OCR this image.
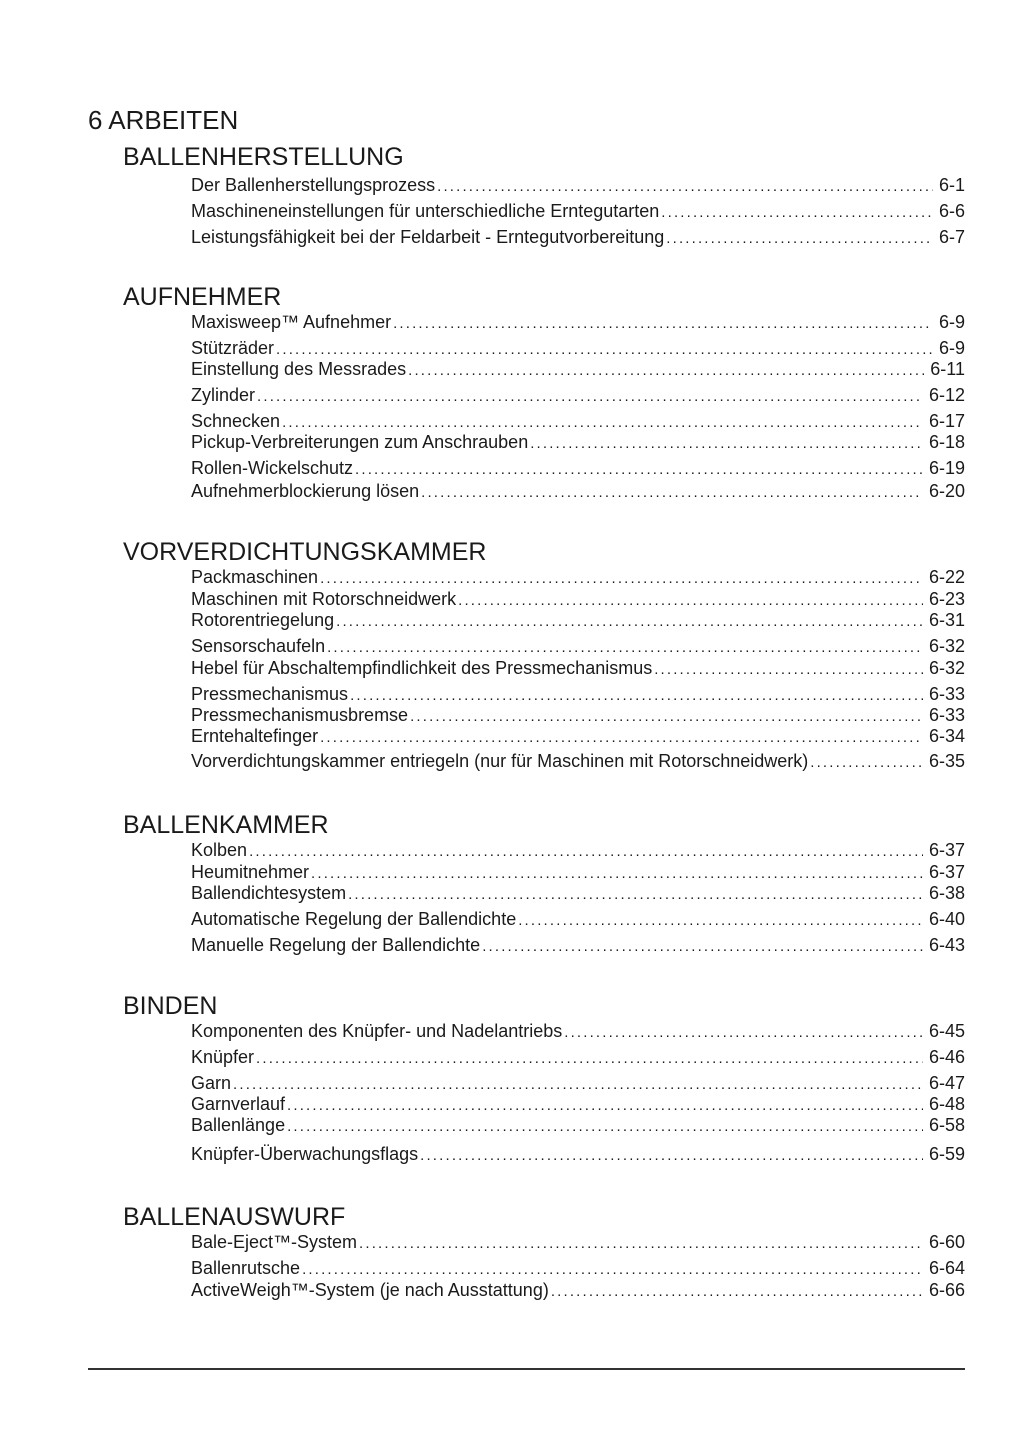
6 ARBEITEN
BALLENHERSTELLUNG
Der Ballenherstellungsprozess . . .	6-1
Maschineneinstellungen für unterschiedliche Erntegutarten . . .	6-6
Leistungsfähigkeit bei der Feldarbeit - Erntegutvorbereitung . . .	6-7
AUFNEHMER
Maxisweep™ Aufnehmer . . .	6-9
Stützräder . . .	6-9
Einstellung des Messrades . . .	6-11
Zylinder . . .	6-12
Schnecken . . .	6-17
Pickup-Verbreiterungen zum Anschrauben . . .	6-18
Rollen-Wickelschutz . . .	6-19
Aufnehmerblockierung lösen . . .	6-20
VORVERDICHTUNGSKAMMER
Packmaschinen . . .	6-22
Maschinen mit Rotorschneidwerk . . .	6-23
Rotorentriegelung . . .	6-31
Sensorschaufeln . . .	6-32
Hebel für Abschaltempfindlichkeit des Pressmechanismus . . .	6-32
Pressmechanismus . . .	6-33
Pressmechanismusbremse . . .	6-33
Erntehaltefinger . . .	6-34
Vorverdichtungskammer entriegeln (nur für Maschinen mit Rotorschneidwerk) . . .	6-35
BALLENKAMMER
Kolben . . .	6-37
Heumitnehmer . . .	6-37
Ballendichtesystem . . .	6-38
Automatische Regelung der Ballendichte . . .	6-40
Manuelle Regelung der Ballendichte . . .	6-43
BINDEN
Komponenten des Knüpfer- und Nadelantriebs . . .	6-45
Knüpfer . . .	6-46
Garn . . .	6-47
Garnverlauf . . .	6-48
Ballenlänge . . .	6-58
Knüpfer-Überwachungsflags . . .	6-59
BALLENAUSWURF
Bale-Eject™-System . . .	6-60
Ballenrutsche . . .	6-64
ActiveWeigh™-System (je nach Ausstattung) . . .	6-66
